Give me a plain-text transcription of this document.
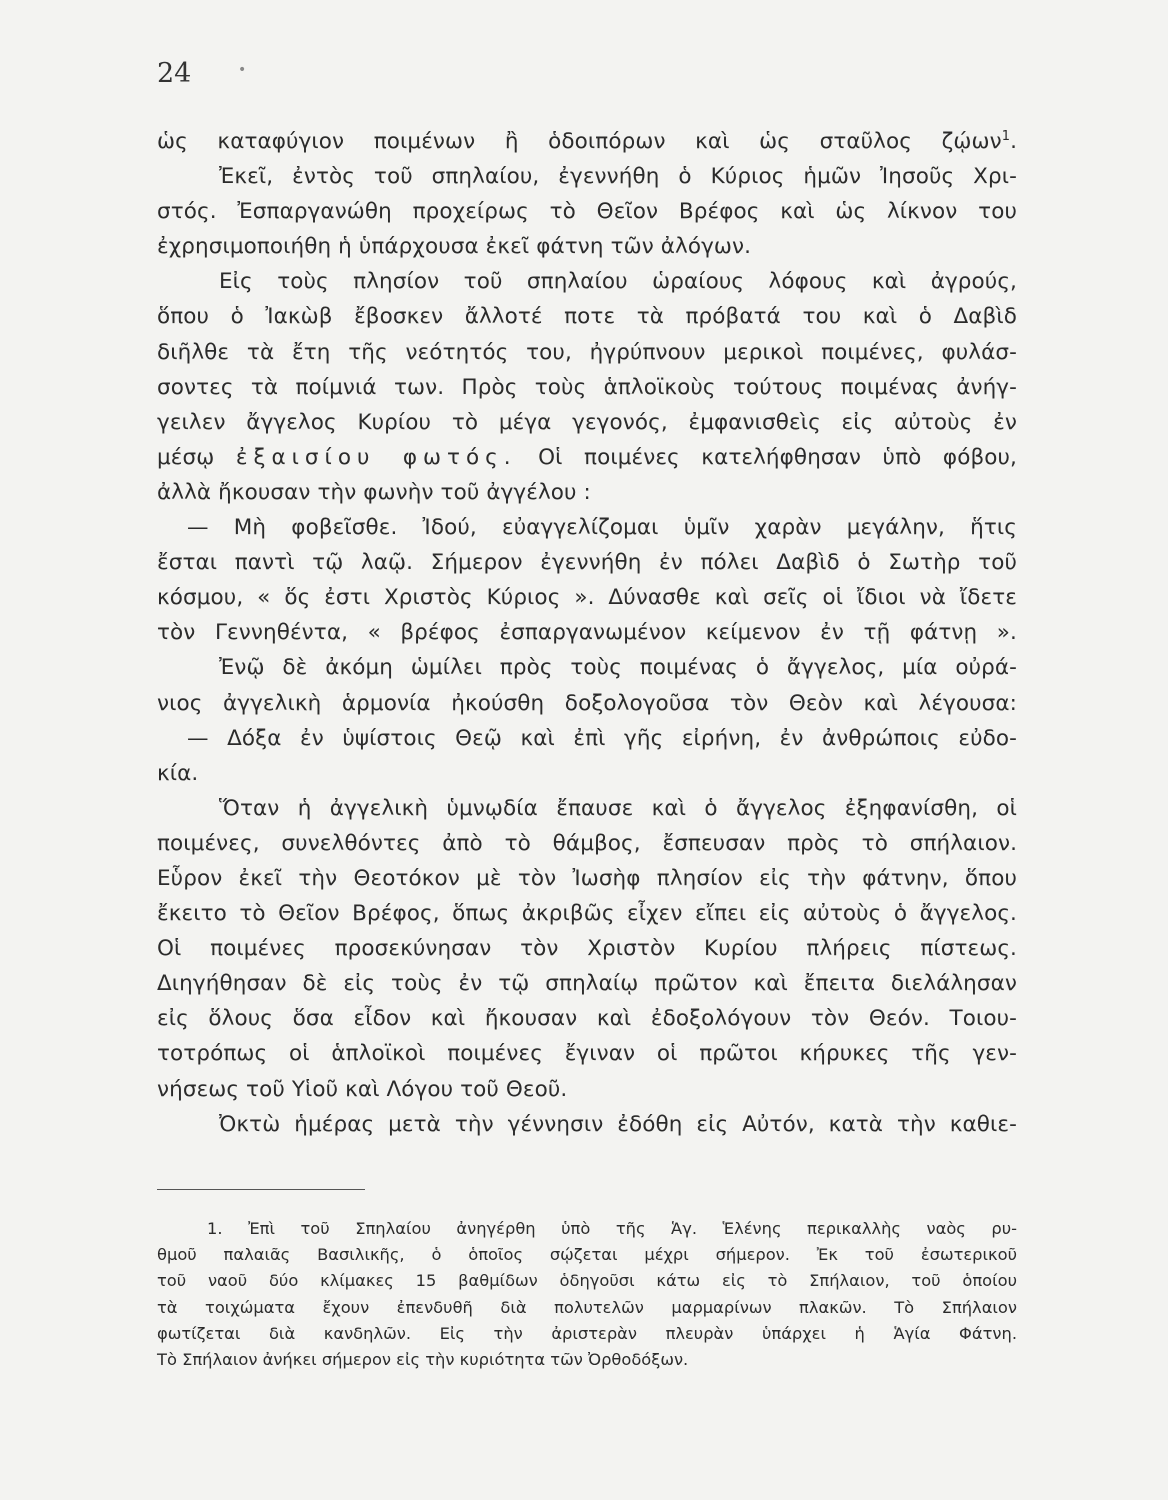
24	•
ὡς καταφύγιον ποιμένων ἢ ὁδοιπόρων καὶ ὡς σταῦλος ζῴων$^1$.
Ἐκεῖ, ἐντὸς τοῦ σπηλαίου, ἐγεννήθη ὁ Κύριος ἡμῶν Ἰησοῦς Χρι-
στός. Ἐσπαργανώθη προχείρως τὸ Θεῖον Βρέφος καὶ ὡς λίκνον του
ἐχρησιμοποιήθη ἡ ὑπάρχουσα ἐκεῖ φάτνη τῶν ἀλόγων.
Εἰς τοὺς πλησίον τοῦ σπηλαίου ὡραίους λόφους καὶ ἀγρούς,
ὅπου ὁ Ἰακὼβ ἔβοσκεν ἄλλοτέ ποτε τὰ πρόβατά του καὶ ὁ Δαβὶδ
διῆλθε τὰ ἔτη τῆς νεότητός του, ἠγρύπνουν μερικοὶ ποιμένες, φυλάσ-
σοντες τὰ ποίμνιά των. Πρὸς τοὺς ἁπλοϊκοὺς τούτους ποιμένας ἀνήγ-
γειλεν ἄγγελος Κυρίου τὸ μέγα γεγονός, ἐμφανισθεὶς εἰς αὐτοὺς ἐν
μέσῳ ἐξαισίου φωτός. Οἱ ποιμένες κατελήφθησαν ὑπὸ φόβου,
ἀλλὰ ἤκουσαν τὴν φωνὴν τοῦ ἀγγέλου :
— Μὴ φοβεῖσθε. Ἰδού, εὐαγγελίζομαι ὑμῖν χαρὰν μεγάλην, ἥτις
ἔσται παντὶ τῷ λαῷ. Σήμερον ἐγεννήθη ἐν πόλει Δαβὶδ ὁ Σωτὴρ τοῦ
κόσμου, « ὅς ἐστι Χριστὸς Κύριος ». Δύνασθε καὶ σεῖς οἱ ἴδιοι νὰ ἴδετε
τὸν Γεννηθέντα, « βρέφος ἐσπαργανωμένον κείμενον ἐν τῇ φάτνῃ ».
Ἐνῷ δὲ ἀκόμη ὡμίλει πρὸς τοὺς ποιμένας ὁ ἄγγελος, μία οὐρά-
νιος ἀγγελικὴ ἁρμονία ἠκούσθη δοξολογοῦσα τὸν Θεὸν καὶ λέγουσα:
— Δόξα ἐν ὑψίστοις Θεῷ καὶ ἐπὶ γῆς εἰρήνη, ἐν ἀνθρώποις εὐδο-
κία.
Ὅταν ἡ ἀγγελικὴ ὑμνῳδία ἔπαυσε καὶ ὁ ἄγγελος ἐξηφανίσθη, οἱ
ποιμένες, συνελθόντες ἀπὸ τὸ θάμβος, ἔσπευσαν πρὸς τὸ σπήλαιον.
Εὗρον ἐκεῖ τὴν Θεοτόκον μὲ τὸν Ἰωσὴφ πλησίον εἰς τὴν φάτνην, ὅπου
ἔκειτο τὸ Θεῖον Βρέφος, ὅπως ἀκριβῶς εἶχεν εἴπει εἰς αὐτοὺς ὁ ἄγγελος.
Οἱ ποιμένες προσεκύνησαν τὸν Χριστὸν Κυρίου πλήρεις πίστεως.
Διηγήθησαν δὲ εἰς τοὺς ἐν τῷ σπηλαίῳ πρῶτον καὶ ἔπειτα διελάλησαν
εἰς ὅλους ὅσα εἶδον καὶ ἤκουσαν καὶ ἐδοξολόγουν τὸν Θεόν. Τοιου-
τοτρόπως οἱ ἁπλοϊκοὶ ποιμένες ἔγιναν οἱ πρῶτοι κήρυκες τῆς γεν-
νήσεως τοῦ Υἱοῦ καὶ Λόγου τοῦ Θεοῦ.
Ὀκτὼ ἡμέρας μετὰ τὴν γέννησιν ἐδόθη εἰς Αὐτόν, κατὰ τὴν καθιε-
1. Ἐπὶ τοῦ Σπηλαίου ἀνηγέρθη ὑπὸ τῆς Ἁγ. Ἑλένης περικαλλὴς ναὸς ρυ-
θμοῦ παλαιᾶς Βασιλικῆς, ὁ ὁποῖος σῴζεται μέχρι σήμερον. Ἐκ τοῦ ἐσωτερικοῦ
τοῦ ναοῦ δύο κλίμακες 15 βαθμίδων ὁδηγοῦσι κάτω εἰς τὸ Σπήλαιον, τοῦ ὁποίου
τὰ τοιχώματα ἔχουν ἐπενδυθῆ διὰ πολυτελῶν μαρμαρίνων πλακῶν. Τὸ Σπήλαιον
φωτίζεται διὰ κανδηλῶν. Εἰς τὴν ἀριστερὰν πλευρὰν ὑπάρχει ἡ Ἁγία Φάτνη.
Τὸ Σπήλαιον ἀνήκει σήμερον εἰς τὴν κυριότητα τῶν Ὀρθοδόξων.
